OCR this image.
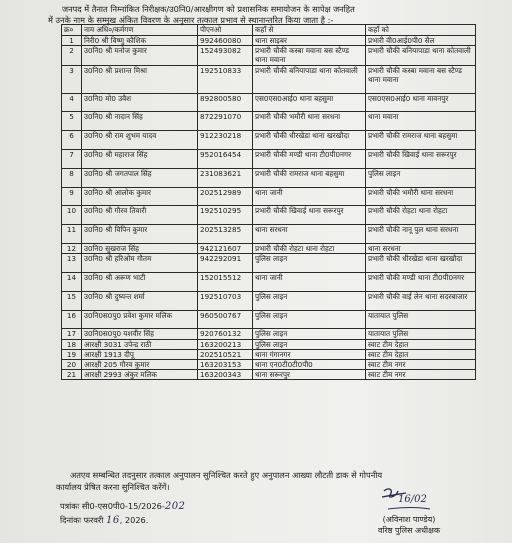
जनपद में तैनात निम्नांकित निरीक्षक/उ0नि0/आरक्षीगण को प्रशासनिक समायोजन के सापेक्ष जनहित
में उनके नाम के सम्मुख अंकित विवरण के अनुसार तत्काल प्रभाव से स्थानान्तरित किया जाता है :-
क्र०	नाम अधि०/कर्मगण	पीएनओ	कहाँ से	कहाँ को
1	निरी0 श्री विष्णु कौशिक	992460080	थाना साइबर	प्रभारी वी0आई0पी0 सैल
2	उ0नि0 श्री मनोज कुमार	152493082	प्रभारी चौकी कस्बा मवाना बस स्टैण्ड थाना मवाना	प्रभारी चौकी बनियापाडा थाना कोतवाली
3	उ0नि0 श्री प्रशान्त मिश्रा	192510833	प्रभारी चौकी बनियापाडा थाना कोतवाली	प्रभारी चौकी कस्बा मवाना बस स्टैण्ड थाना मवाना
4	उ0नि0 मो0 उवैश	892800580	एस0एस0आई0 थाना बहसुमा	एस0एस0आई0 थाना मावनपुर
5	उ0नि0 श्री नादान सिंह	872291070	प्रभारी चौकी भमौरी थाना सरधना	थाना मवाना
6	उ0नि0 श्री राम शुभम यादव	912230218	प्रभारी चौकी धीरखेडा थाना खरखौदा	प्रभारी चौकी रामराज थाना बहसुमा
7	उ0नि0 श्री महाराज सिंह	952016454	प्रभारी चौकी मण्डी थाना टी0पी0नगर	प्रभारी चौकी खिवाई थाना सरूरपुर
8	उ0नि0 श्री जगतपाल सिंह	231083621	प्रभारी चौकी रामराज थाना बहसुमा	पुलिस लाइन
9	उ0नि0 श्री आलोक कुमार	202512989	थाना जानी	प्रभारी चौकी भमौरी थाना सरधना
10	उ0नि0 श्री गौरव तिवारी	192510295	प्रभारी चौकी खिवाई थाना सरूरपुर	प्रभारी चौकी रोहटा थाना रोहटा
11	उ0नि0 श्री विपिन कुमार	202513285	थाना सरधना	प्रभारी चौकी नानू पुल थाना सरधना
12	उ0नि0 सुखराज सिंह	942121607	प्रभारी चौकी रोहटा थाना रोहटा	थाना सरधना
13	उ0नि0 श्री हरिओम गौतम	942292091	पुलिस लाइन	प्रभारी चौकी धीरखेडा थाना खरखौदा
14	उ0नि0 श्री अरूण भाटी	152015512	थाना जानी	प्रभारी चौकी मण्डी थाना टी0पी0नगर
15	उ0नि0 श्री दुष्यन्त शर्मा	192510703	पुलिस लाइन	प्रभारी चौकी वाई लेन थाना सदरबाजार
16	उ0नि0स0पु0 प्रवेश कुमार मलिक	960500767	पुलिस लाइन	यातायात पुलिस
17	उ0नि0स0पु0 यशवीर सिंह	920760132	पुलिस लाइन	यातायात पुलिस
18	आरक्षी 3031 उपेन्द्र राठी	163200213	पुलिस लाइन	स्वाट टीम देहात
19	आरक्षी 1913 दीपू	202510521	थाना गंगानगर	स्वाट टीम देहात
20	आरक्षी 205 गौरव कुमार	163203153	थाना एन0टी0टी0पी0	स्वाट टीम नगर
21	आरक्षी 2993 अंकुर मलिक	163200343	थाना सरूरपुर	स्वाट टीम नगर
अतएव सम्बन्धित तदनुसार तत्काल अनुपालन सुनिश्चित करते हुए अनुपालन आख्या लौटती डाक से गोपनीय
कार्यालय प्रेषित करना सुनिश्चित करेंगें।
पत्रांकः सी0-एस0पी0-15/2026-202
दिनांकः फरवरी 16, 2026.
16/02
(अविनाश पाण्डेय)
वरिष्ठ पुलिस अधीक्षक
